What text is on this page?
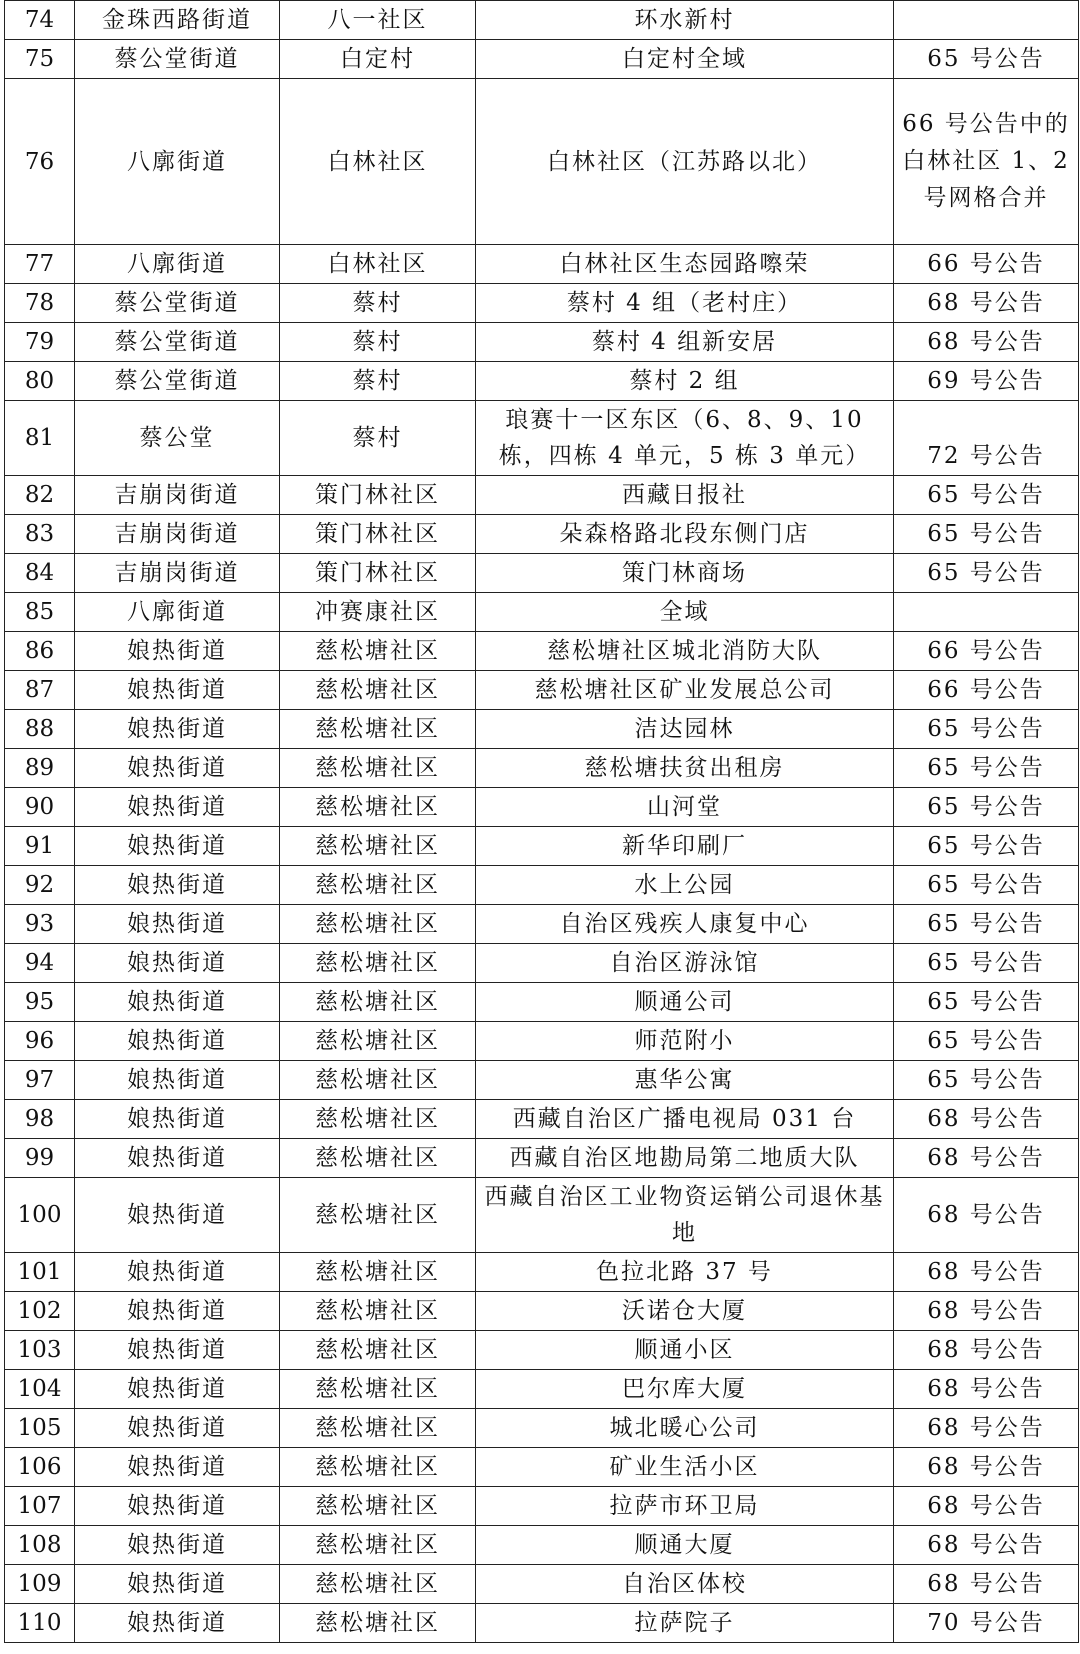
74	金珠西路街道	八一社区	环水新村	
75	蔡公堂街道	白定村	白定村全域	65 号公告
76	八廓街道	白林社区	白林社区（江苏路以北）	66 号公告中的白林社区 1、2 号网格合并
77	八廓街道	白林社区	白林社区生态园路嚓荣	66 号公告
78	蔡公堂街道	蔡村	蔡村 4 组（老村庄）	68 号公告
79	蔡公堂街道	蔡村	蔡村 4 组新安居	68 号公告
80	蔡公堂街道	蔡村	蔡村 2 组	69 号公告
81	蔡公堂	蔡村	琅赛十一区东区（6、8、9、10 栋，四栋 4 单元，5 栋 3 单元）	72 号公告
82	吉崩岗街道	策门林社区	西藏日报社	65 号公告
83	吉崩岗街道	策门林社区	朵森格路北段东侧门店	65 号公告
84	吉崩岗街道	策门林社区	策门林商场	65 号公告
85	八廓街道	冲赛康社区	全域	
86	娘热街道	慈松塘社区	慈松塘社区城北消防大队	66 号公告
87	娘热街道	慈松塘社区	慈松塘社区矿业发展总公司	66 号公告
88	娘热街道	慈松塘社区	洁达园林	65 号公告
89	娘热街道	慈松塘社区	慈松塘扶贫出租房	65 号公告
90	娘热街道	慈松塘社区	山河堂	65 号公告
91	娘热街道	慈松塘社区	新华印刷厂	65 号公告
92	娘热街道	慈松塘社区	水上公园	65 号公告
93	娘热街道	慈松塘社区	自治区残疾人康复中心	65 号公告
94	娘热街道	慈松塘社区	自治区游泳馆	65 号公告
95	娘热街道	慈松塘社区	顺通公司	65 号公告
96	娘热街道	慈松塘社区	师范附小	65 号公告
97	娘热街道	慈松塘社区	惠华公寓	65 号公告
98	娘热街道	慈松塘社区	西藏自治区广播电视局 031 台	68 号公告
99	娘热街道	慈松塘社区	西藏自治区地勘局第二地质大队	68 号公告
100	娘热街道	慈松塘社区	西藏自治区工业物资运销公司退休基地	68 号公告
101	娘热街道	慈松塘社区	色拉北路 37 号	68 号公告
102	娘热街道	慈松塘社区	沃诺仓大厦	68 号公告
103	娘热街道	慈松塘社区	顺通小区	68 号公告
104	娘热街道	慈松塘社区	巴尔库大厦	68 号公告
105	娘热街道	慈松塘社区	城北暖心公司	68 号公告
106	娘热街道	慈松塘社区	矿业生活小区	68 号公告
107	娘热街道	慈松塘社区	拉萨市环卫局	68 号公告
108	娘热街道	慈松塘社区	顺通大厦	68 号公告
109	娘热街道	慈松塘社区	自治区体校	68 号公告
110	娘热街道	慈松塘社区	拉萨院子	70 号公告
